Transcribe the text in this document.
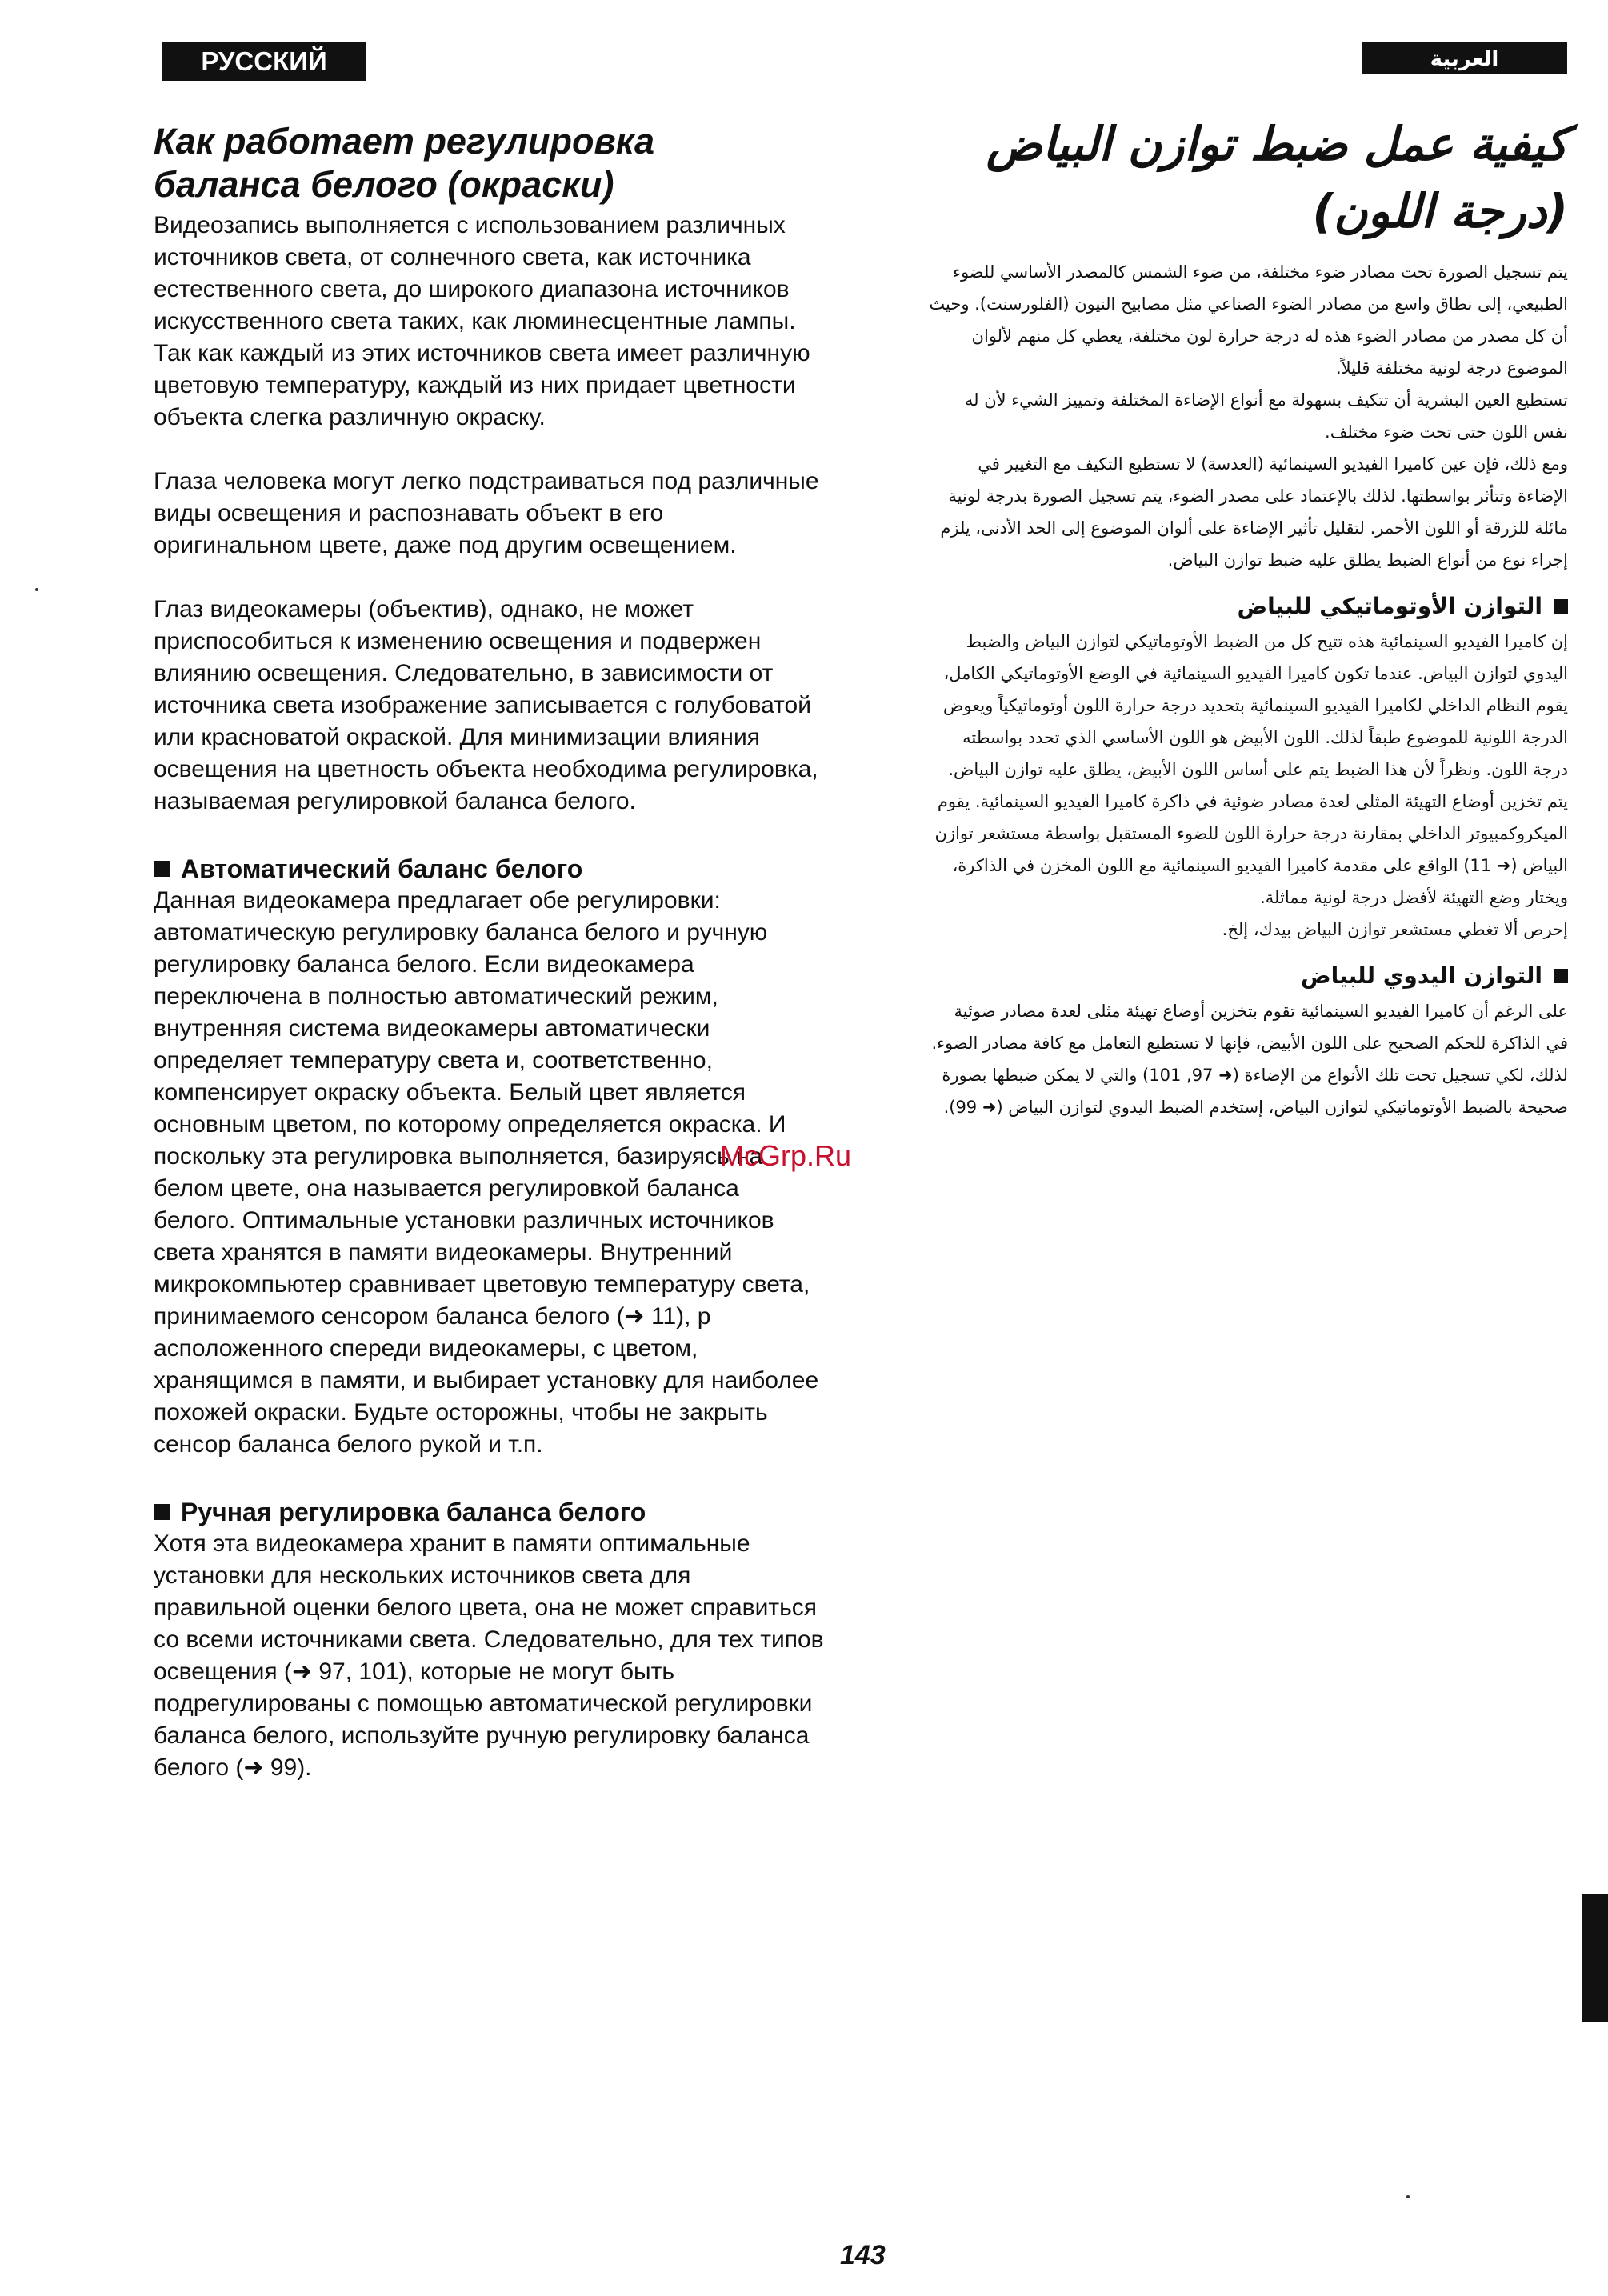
РУССКИЙ ЯЗЫК
العربية
Как работает регулировка
баланса белого (окраски)

Видеозапись выполняется с использованием различных источников света, от солнечного света, как источника естественного света, до широкого диапазона источников искусственного света таких, как люминесцентные лампы. Так как каждый из этих источников света имеет различную цветовую температуру, каждый из них придает цветности объекта слегка различную окраску.

Глаза человека могут легко подстраиваться под различные виды освещения и распознавать объект в его оригинальном цвете, даже под другим освещением.

Глаз видеокамеры (объектив), однако, не может приспособиться к изменению освещения и подвержен влиянию освещения. Следовательно, в зависимости от источника света изображение записывается с голубоватой или красноватой окраской. Для минимизации влияния освещения на цветность объекта необходима регулировка, называемая регулировкой баланса белого.

Автоматический баланс белого

Данная видеокамера предлагает обе регулировки: автоматическую регулировку баланса белого и ручную регулировку баланса белого. Если видеокамера переключена в полностью автоматический режим, внутренняя система видеокамеры автоматически определяет температуру света и, соответственно, компенсирует окраску объекта. Белый цвет является основным цветом, по которому определяется окраска. И поскольку эта регулировка выполняется, базируясь на белом цвете, она называется регулировкой баланса белого. Оптимальные установки различных источников света хранятся в памяти видеокамеры. Внутренний микрокомпьютер сравнивает цветовую температуру света, принимаемого сенсором баланса белого (➜ 11), р асположенного спереди видеокамеры, с цветом, хранящимся в памяти, и выбирает установку для наиболее похожей окраски. Будьте осторожны, чтобы не закрыть сенсор баланса белого рукой и т.п.

Ручная регулировка баланса белого

Хотя эта видеокамера хранит в памяти оптимальные установки для нескольких источников света для правильной оценки белого цвета, она не может справиться со всеми источниками света. Следовательно, для тех типов освещения (➜ 97, 101), которые не могут быть подрегулированы с помощью автоматической регулировки баланса белого, используйте ручную регулировку баланса белого (➜ 99).

كيفية عمل ضبط توازن البياض
(درجة اللون)

يتم تسجيل الصورة تحت مصادر ضوء مختلفة، من ضوء الشمس كالمصدر الأساسي للضوء الطبيعي، إلى نطاق واسع من مصادر الضوء الصناعي مثل مصابيح النيون (الفلورسنت). وحيث أن كل مصدر من مصادر الضوء هذه له درجة حرارة لون مختلفة، يعطي كل منهم لألوان الموضوع درجة لونية مختلفة قليلاً.

تستطيع العين البشرية أن تتكيف بسهولة مع أنواع الإضاءة المختلفة وتمييز الشيء لأن له نفس اللون حتى تحت ضوء مختلف.

ومع ذلك، فإن عين كاميرا الفيديو السينمائية (العدسة) لا تستطيع التكيف مع التغيير في الإضاءة وتتأثر بواسطتها. لذلك بالإعتماد على مصدر الضوء، يتم تسجيل الصورة بدرجة لونية مائلة للزرقة أو اللون الأحمر. لتقليل تأثير الإضاءة على ألوان الموضوع إلى الحد الأدنى، يلزم إجراء نوع من أنواع الضبط يطلق عليه ضبط توازن البياض.

التوازن الأوتوماتيكي للبياض

إن كاميرا الفيديو السينمائية هذه تتيح كل من الضبط الأوتوماتيكي لتوازن البياض والضبط اليدوي لتوازن البياض. عندما تكون كاميرا الفيديو السينمائية في الوضع الأوتوماتيكي الكامل، يقوم النظام الداخلي لكاميرا الفيديو السينمائية بتحديد درجة حرارة اللون أوتوماتيكياً ويعوض الدرجة اللونية للموضوع طبقاً لذلك. اللون الأبيض هو اللون الأساسي الذي تحدد بواسطته درجة اللون. ونظراً لأن هذا الضبط يتم على أساس اللون الأبيض، يطلق عليه توازن البياض. يتم تخزين أوضاع التهيئة المثلى لعدة مصادر ضوئية في ذاكرة كاميرا الفيديو السينمائية. يقوم الميكروكمبيوتر الداخلي بمقارنة درجة حرارة اللون للضوء المستقبل بواسطة مستشعر توازن البياض (➜ 11) الواقع على مقدمة كاميرا الفيديو السينمائية مع اللون المخزن في الذاكرة، ويختار وضع التهيئة لأفضل درجة لونية مماثلة.

إحرص ألا تغطي مستشعر توازن البياض بيدك، إلخ.

التوازن اليدوي للبياض

على الرغم أن كاميرا الفيديو السينمائية تقوم بتخزين أوضاع تهيئة مثلى لعدة مصادر ضوئية في الذاكرة للحكم الصحيح على اللون الأبيض، فإنها لا تستطيع التعامل مع كافة مصادر الضوء. لذلك، لكي تسجيل تحت تلك الأنواع من الإضاءة (➜ 97, 101) والتي لا يمكن ضبطها بصورة صحيحة بالضبط الأوتوماتيكي لتوازن البياض، إستخدم الضبط اليدوي لتوازن البياض (➜ 99).

McGrp.Ru
143
